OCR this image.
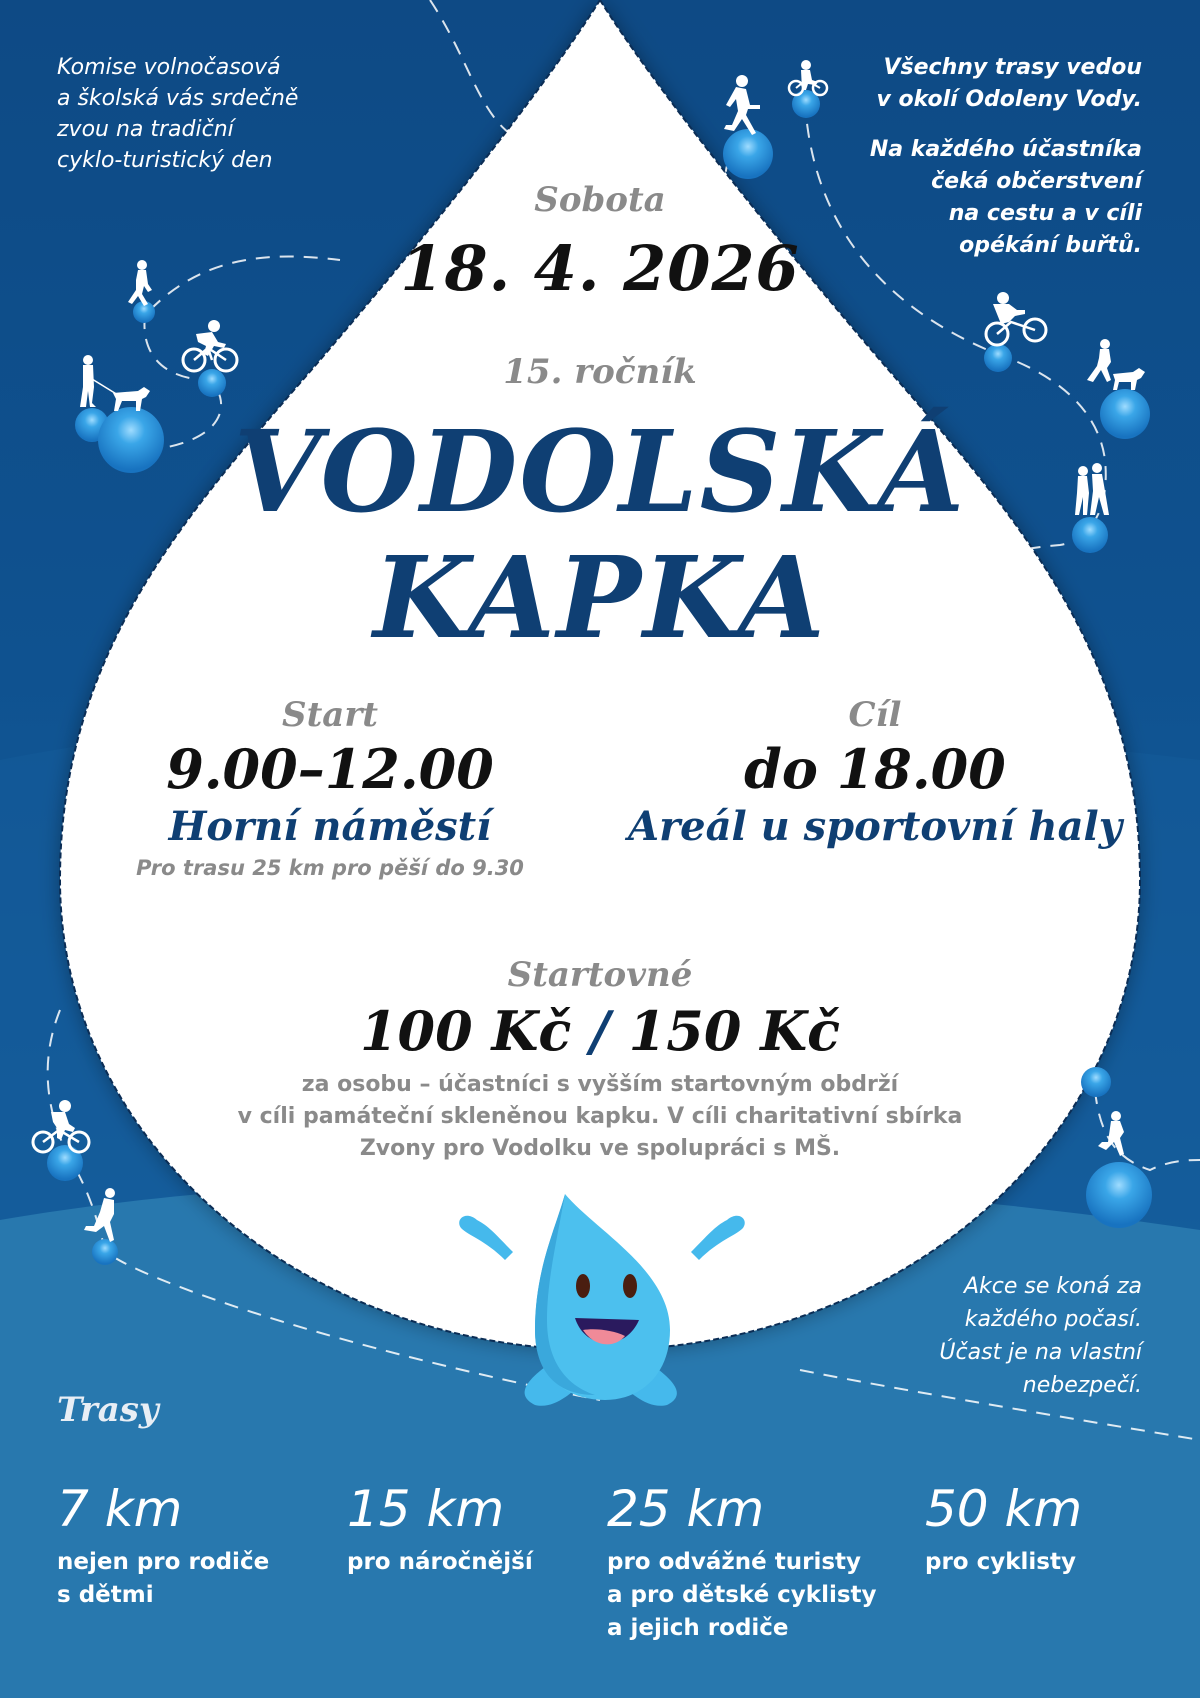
Komise volnočasová
a školská vás srdečně
zvou na tradiční
cyklo-turistický den
Všechny trasy vedou
v okolí Odoleny Vody.
Na každého účastníka
čeká občerstvení
na cestu a v cíli
opékání buřtů.
Sobota
18. 4. 2026
15. ročník
VODOLSKÁ
KAPKA
Start
9.00–12.00
Horní náměstí
Pro trasu 25 km pro pěší do 9.30
Cíl
do 18.00
Areál u sportovní haly
Startovné
100 Kč / 150 Kč
za osobu – účastníci s vyšším startovným obdrží
v cíli památeční skleněnou kapku. V cíli charitativní sbírka
Zvony pro Vodolku ve spolupráci s MŠ.
Akce se koná za
každého počasí.
Účast je na vlastní
nebezpečí.
Trasy
7 km
nejen pro rodiče
s dětmi
15 km
pro náročnější
25 km
pro odvážné turisty
a pro dětské cyklisty
a jejich rodiče
50 km
pro cyklisty
